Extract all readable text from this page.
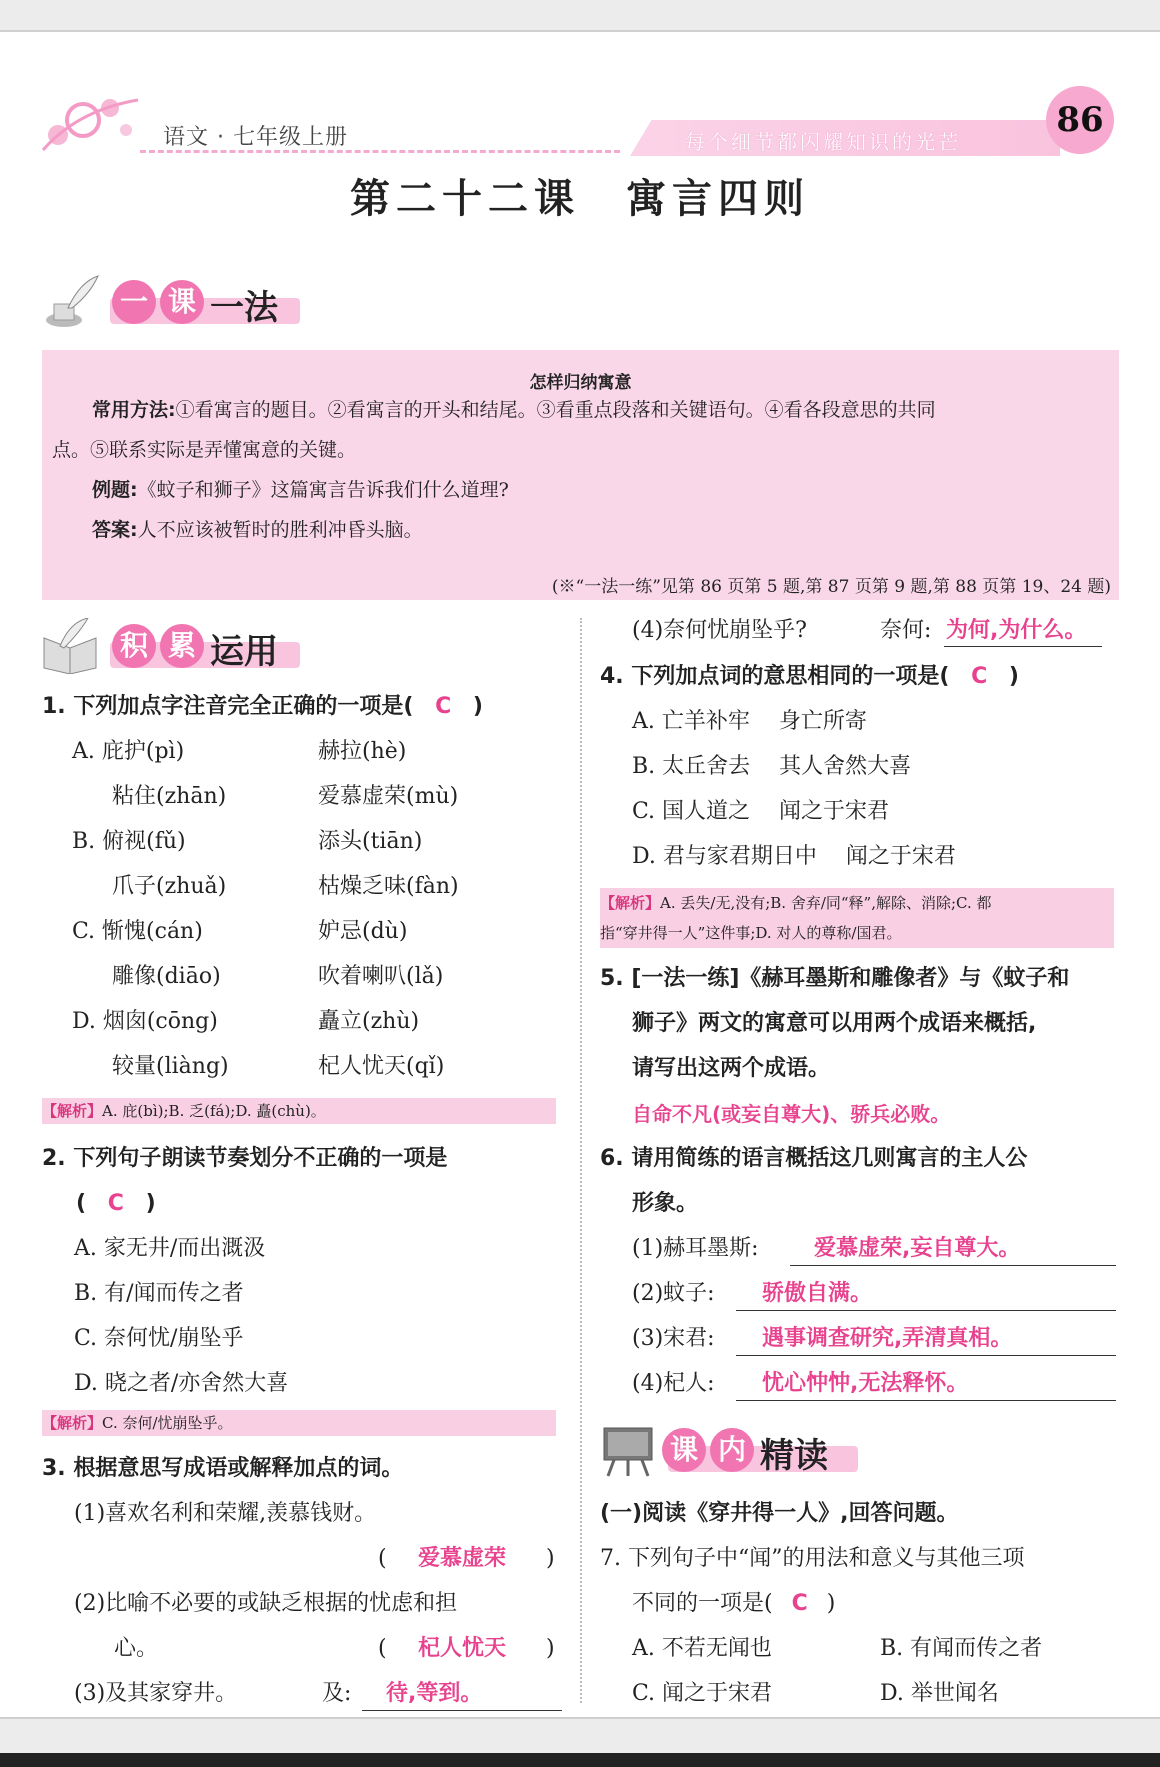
语文 · 七年级上册	每个细节都闪耀知识的光芒
86
第二十二课　寓言四则
一 课 一法
怎样归纳寓意

常用方法:①看寓言的题目。②看寓言的开头和结尾。③看重点段落和关键语句。④看各段意思的共同

点。⑤联系实际是弄懂寓意的关键。

例题:《蚊子和狮子》这篇寓言告诉我们什么道理?

答案:人不应该被暂时的胜利冲昏头脑。

(※“一法一练”见第 86 页第 5 题,第 87 页第 9 题,第 88 页第 19、24 题)
积 累 运用
1. 下列加点字注音完全正确的一项是( C )
A. 庇护(pì)	赫拉(hè)
粘住(zhān)	爱慕虚荣(mù)
B. 俯视(fǔ)	添头(tiān)
爪子(zhuǎ)	枯燥乏味(fàn)
C. 惭愧(cán)	妒忌(dù)
雕像(diāo)	吹着喇叭(lǎ)
D. 烟囱(cōng)	矗立(zhù)
较量(liàng)	杞人忧天(qǐ)
【解析】A. 庇(bì);B. 乏(fá);D. 矗(chù)。
2. 下列句子朗读节奏划分不正确的一项是
( C )
A. 家无井/而出溉汲
B. 有/闻而传之者
C. 奈何忧/崩坠乎
D. 晓之者/亦舍然大喜
【解析】C. 奈何/忧崩坠乎。
3. 根据意思写成语或解释加点的词。
(1)喜欢名利和荣耀,羡慕钱财。
( 爱慕虚荣 )
(2)比喻不必要的或缺乏根据的忧虑和担
心。	( 杞人忧天 )
(3)及其家穿井。	及: 待,等到。
(4)奈何忧崩坠乎?	奈何: 为何,为什么。
4. 下列加点词的意思相同的一项是( C )
A. 亡羊补牢　 身亡所寄
B. 太丘舍去　 其人舍然大喜
C. 国人道之　 闻之于宋君
D. 君与家君期日中　 闻之于宋君
【解析】A. 丢失/无,没有;B. 舍弃/同“释”,解除、消除;C. 都
指“穿井得一人”这件事;D. 对人的尊称/国君。
5. [一法一练]《赫耳墨斯和雕像者》与《蚊子和
狮子》两文的寓意可以用两个成语来概括,
请写出这两个成语。
自命不凡(或妄自尊大)、骄兵必败。
6. 请用简练的语言概括这几则寓言的主人公
形象。
(1)赫耳墨斯:	爱慕虚荣,妄自尊大。
(2)蚊子: 骄傲自满。
(3)宋君: 遇事调查研究,弄清真相。
(4)杞人: 忧心忡忡,无法释怀。
课 内 精读
(一)阅读《穿井得一人》,回答问题。
7. 下列句子中“闻”的用法和意义与其他三项
不同的一项是( C )
A. 不若无闻也	B. 有闻而传之者
C. 闻之于宋君	D. 举世闻名
